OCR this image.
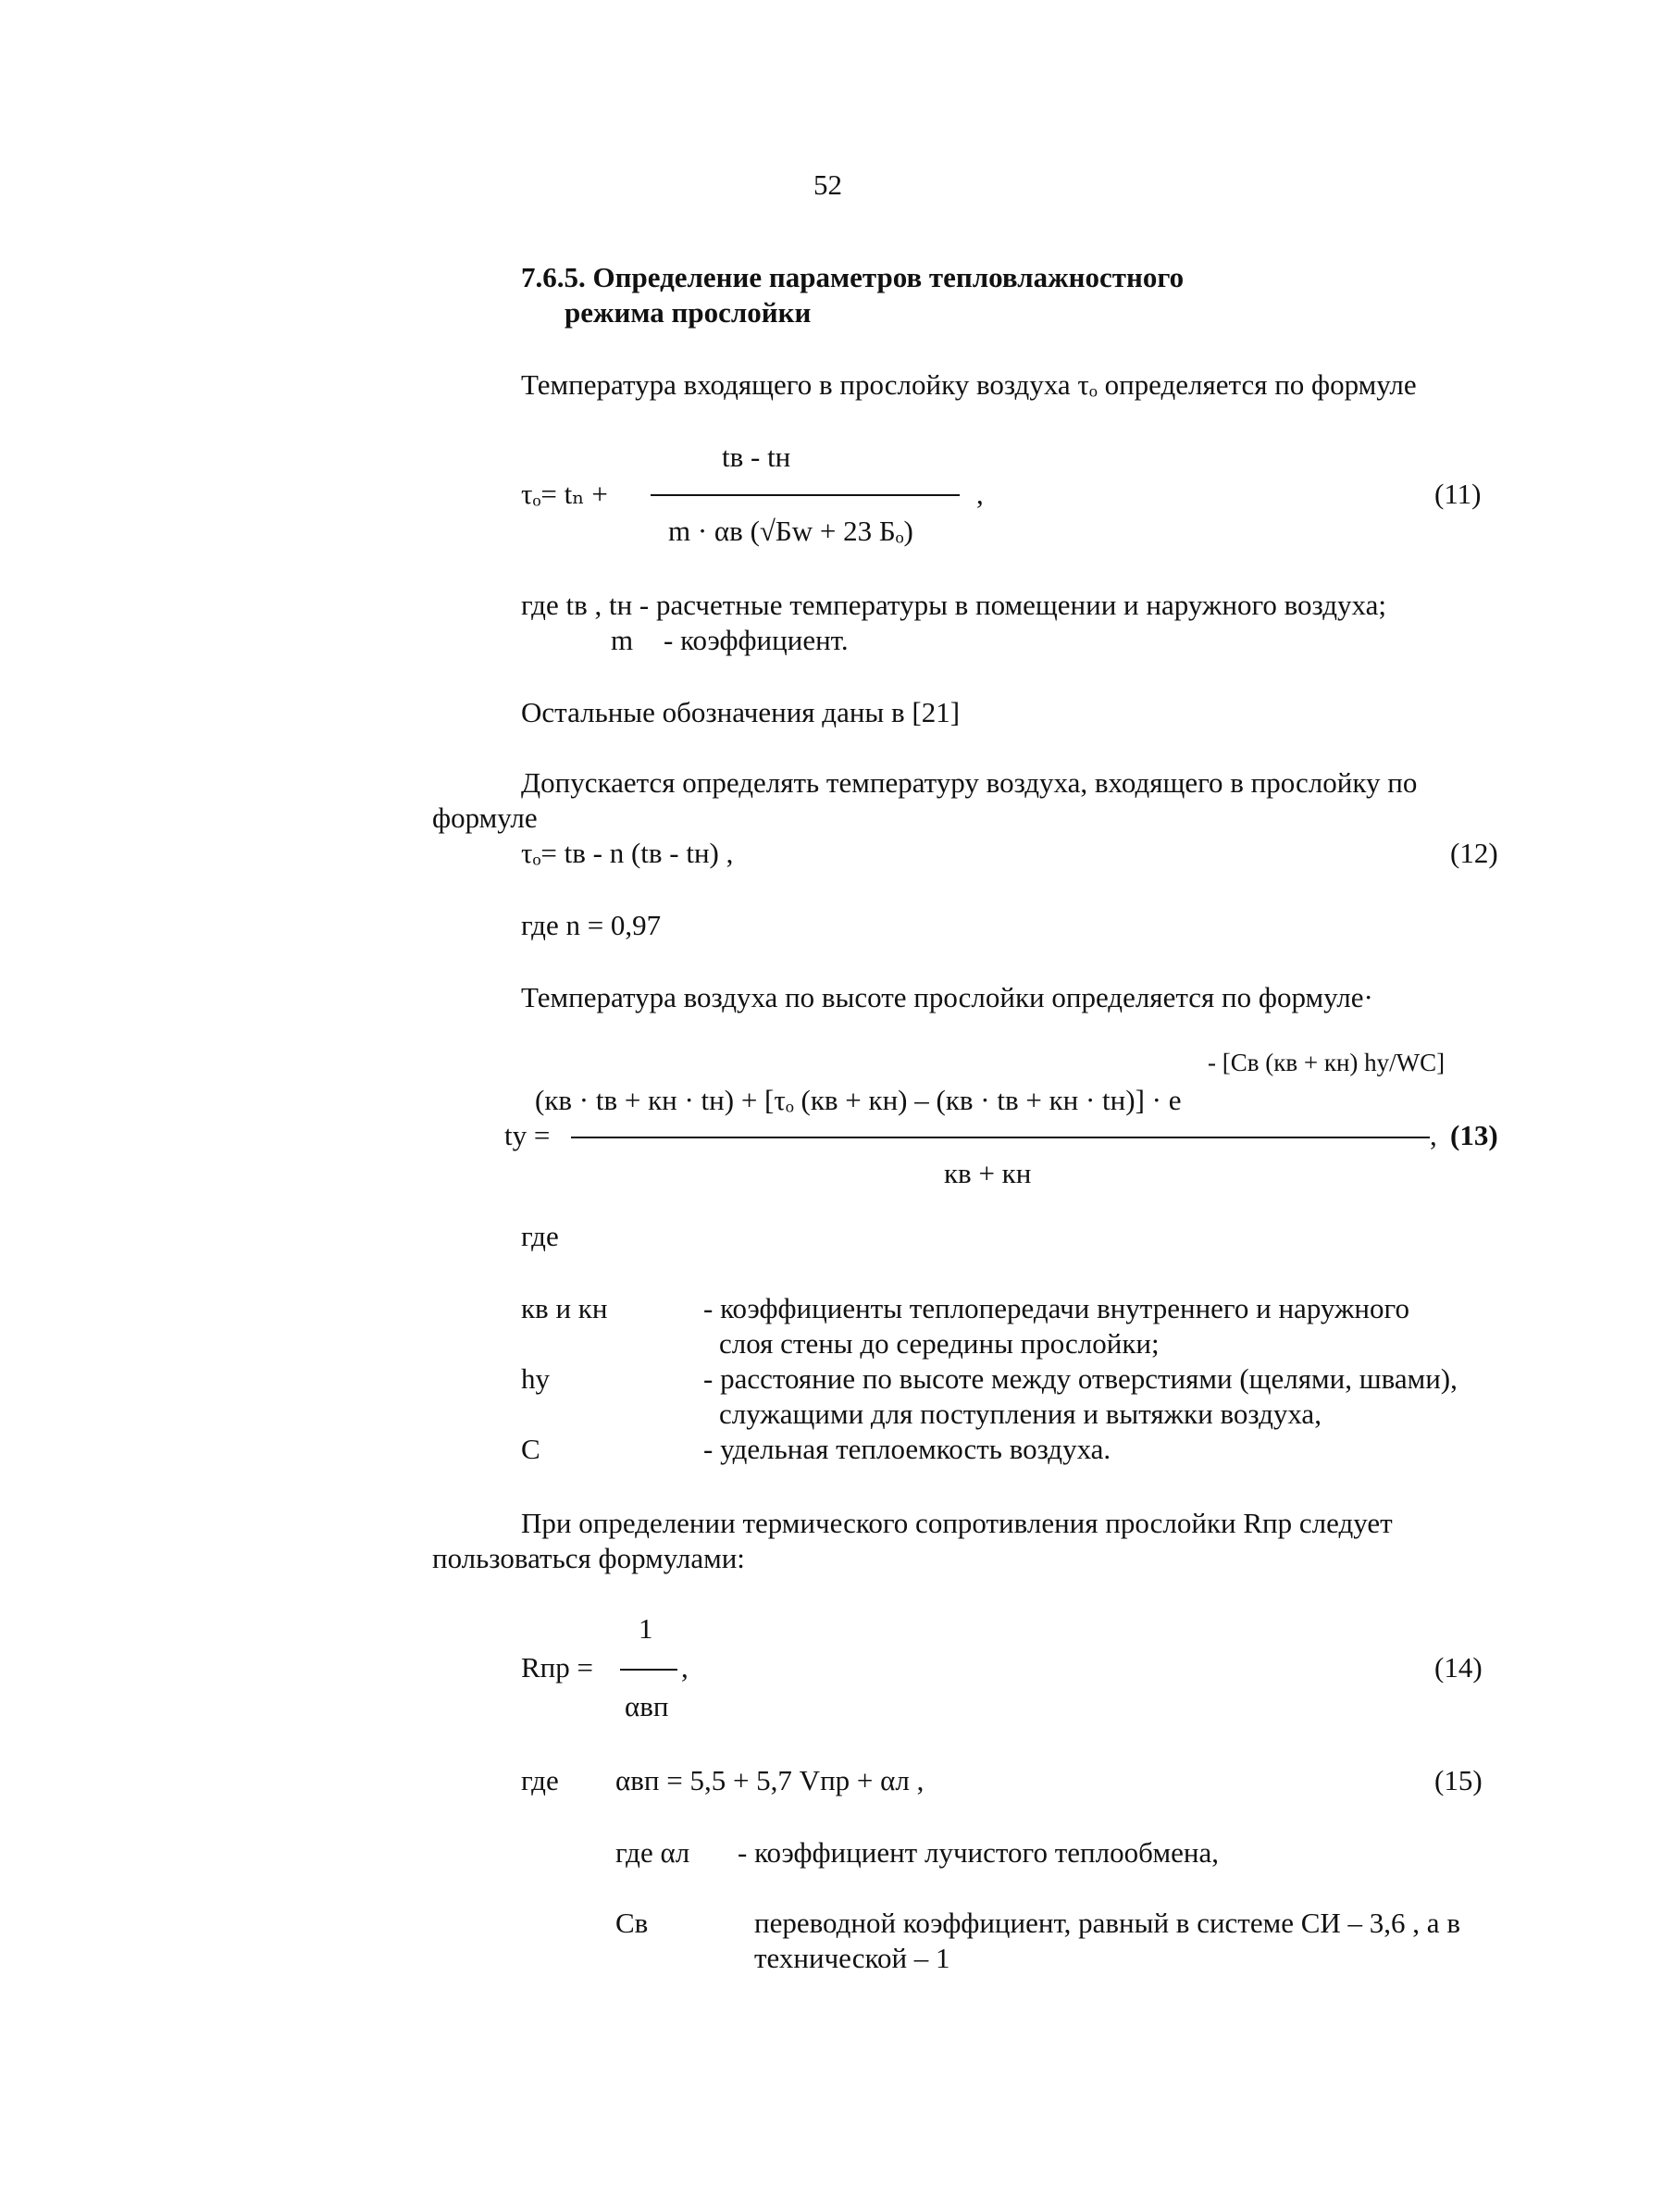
52
7.6.5. Определение параметров тепловлажностного
режима прослойки
Температура входящего в прослойку воздуха τₒ определяется по формуле
tв - tн
τₒ= tₙ +	,
m · αв (√Бw + 23 Бₒ)
(11)
где tв , tн - расчетные температуры в помещении и наружного воздуха;
m - коэффициент.
Остальные обозначения даны в [21]
Допускается определять температуру воздуха, входящего в прослойку по
формуле
τₒ= tв - n (tв - tн) ,	(12)
где n = 0,97
Температура воздуха по высоте прослойки определяется по формуле·
- [Cв (кв + кн) hу/WC]
(кв · tв + кн · tн) + [τₒ (кв + кн) – (кв · tв + кн · tн)] · e
tу =	, (13)
кв + кн
где
кв и кн	- коэффициенты теплопередачи внутреннего и наружного
слоя стены до середины прослойки;
hу	- расстояние по высоте между отверстиями (щелями, швами),
служащими для поступления и вытяжки воздуха,
C	- удельная теплоемкость воздуха.
При определении термического сопротивления прослойки Rпр следует
пользоваться формулами:
1
Rпр =	,
αвп
(14)
где αвп = 5,5 + 5,7 Vпр + αл ,	(15)
где αл - коэффициент лучистого теплообмена,
Cв	переводной коэффициент, равный в системе СИ – 3,6 , а в
технической – 1
